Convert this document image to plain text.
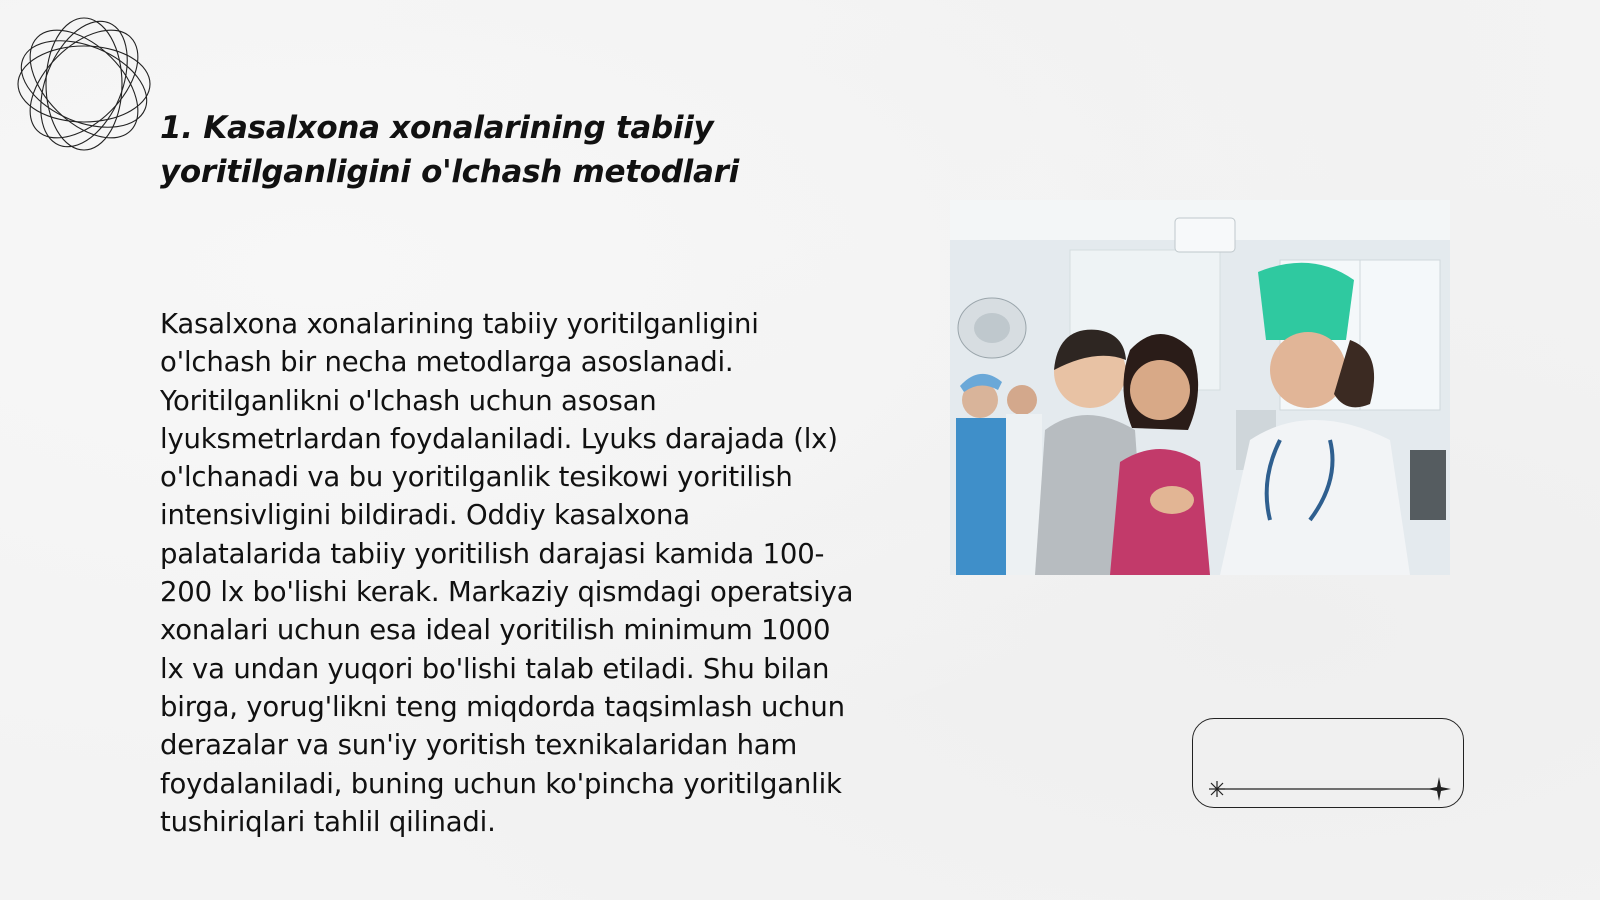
1. Kasalxona xonalarining tabiiy yoritilganligini o'lchash metodlari

Kasalxona xonalarining tabiiy yoritilganligini o'lchash bir necha metodlarga asoslanadi. Yoritilganlikni o'lchash uchun asosan lyuksmetrlardan foydalaniladi. Lyuks darajada (lx) o'lchanadi va bu yoritilganlik tesikowi yoritilish intensivligini bildiradi. Oddiy kasalxona palatalarida tabiiy yoritilish darajasi kamida 100-200 lx bo'lishi kerak. Markaziy qismdagi operatsiya xonalari uchun esa ideal yoritilish minimum 1000 lx va undan yuqori bo'lishi talab etiladi. Shu bilan birga, yorug'likni teng miqdorda taqsimlash uchun derazalar va sun'iy yoritish texnikalaridan ham foydalaniladi, buning uchun ko'pincha yoritilganlik tushiriqlari tahlil qilinadi.
